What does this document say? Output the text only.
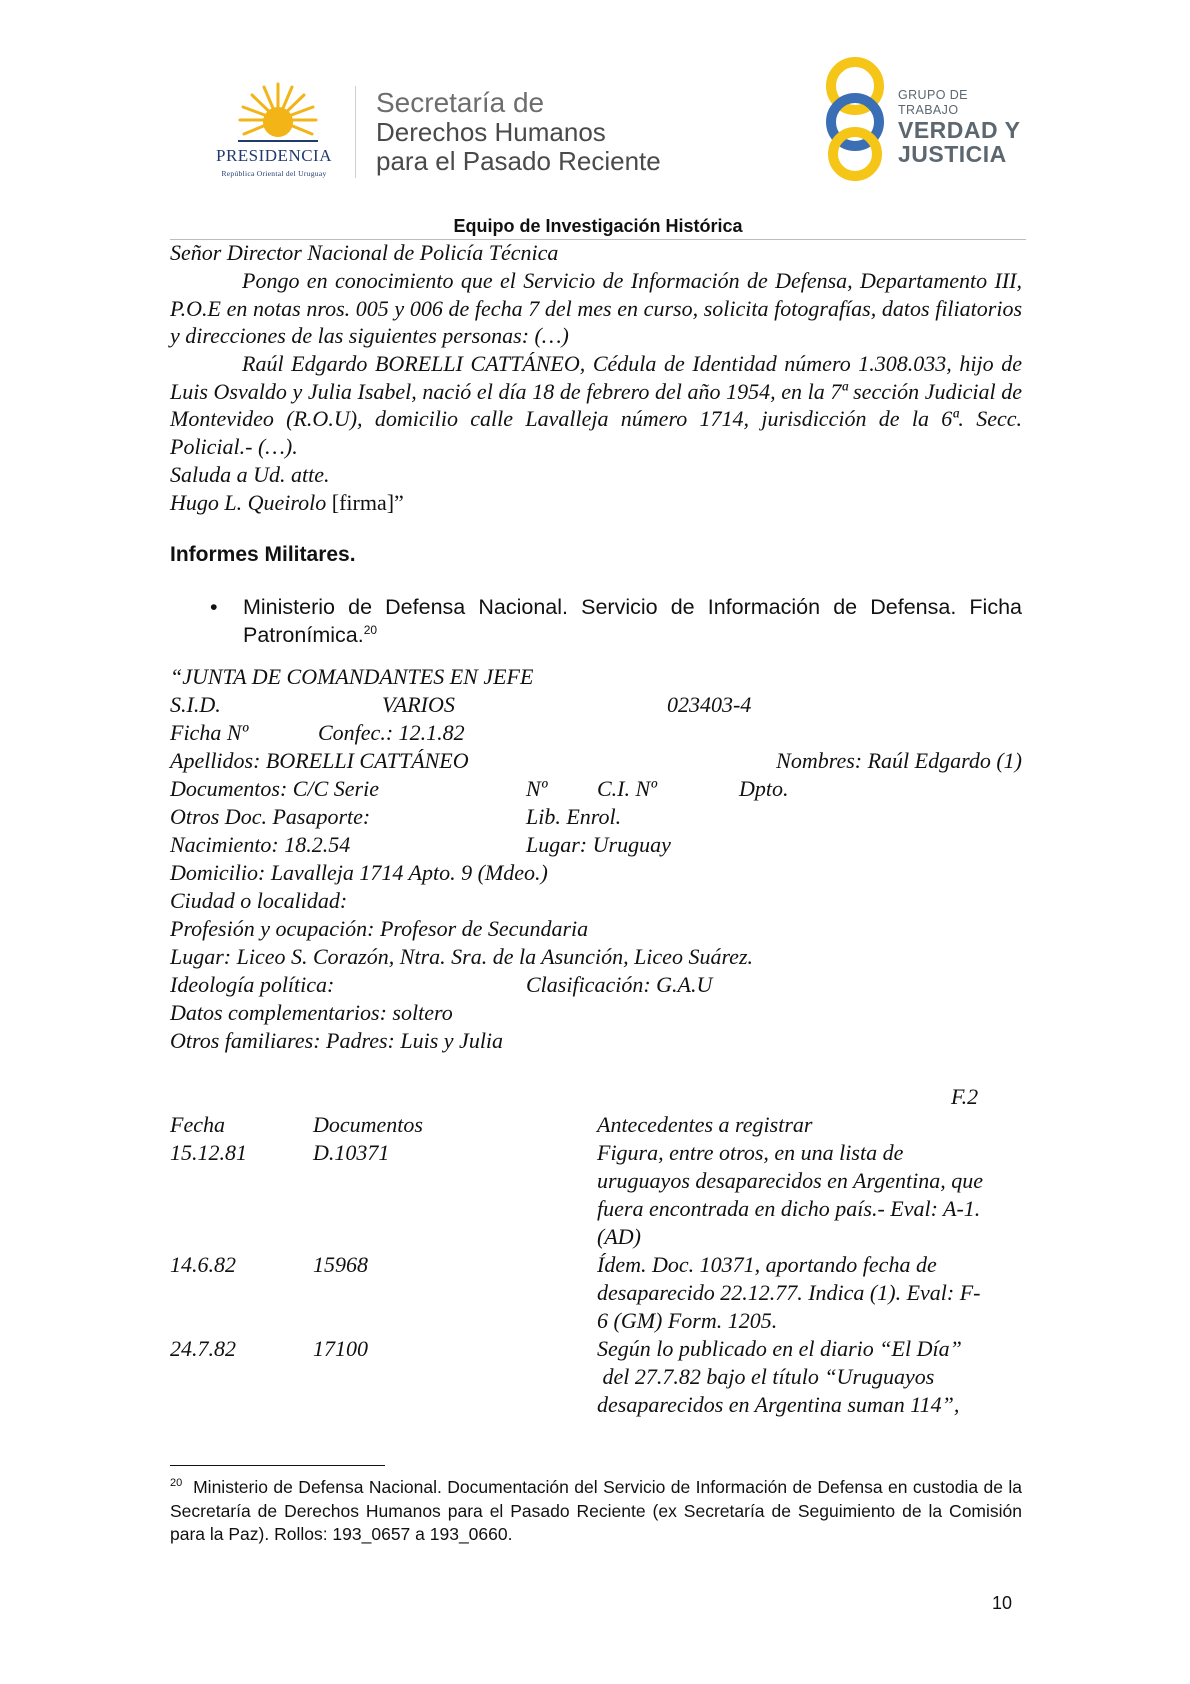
PRESIDENCIA
República Oriental del Uruguay
Secretaría de
Derechos Humanos
para el Pasado Reciente
GRUPO DE TRABAJO
VERDAD Y
JUSTICIA
Equipo de Investigación Histórica
Señor Director Nacional de Policía Técnica
Pongo en conocimiento que el Servicio de Información de Defensa, Departamento III, P.O.E en notas nros. 005 y 006 de fecha 7 del mes en curso, solicita fotografías, datos filiatorios y direcciones de las siguientes personas: (…)
Raúl Edgardo BORELLI CATTÁNEO, Cédula de Identidad número 1.308.033, hijo de Luis Osvaldo y Julia Isabel, nació el día 18 de febrero del año 1954, en la 7ª sección Judicial de Montevideo (R.O.U), domicilio calle Lavalleja número 1714, jurisdicción de la 6ª. Secc. Policial.- (…).
Saluda a Ud. atte.
Hugo L. Queirolo [firma]”
Informes Militares.
• Ministerio de Defensa Nacional. Servicio de Información de Defensa. Ficha Patronímica.$^{20}$
“JUNTA DE COMANDANTES EN JEFE
S.I.D.	VARIOS	023403-4
Ficha Nº	Confec.: 12.1.82
Apellidos: BORELLI CATTÁNEO	Nombres: Raúl Edgardo (1)
Documentos: C/C Serie	Nº C.I. Nº	Dpto.
Otros Doc. Pasaporte:	Lib. Enrol.
Nacimiento: 18.2.54	Lugar: Uruguay
Domicilio: Lavalleja 1714 Apto. 9 (Mdeo.)
Ciudad o localidad:
Profesión y ocupación: Profesor de Secundaria
Lugar: Liceo S. Corazón, Ntra. Sra. de la Asunción, Liceo Suárez.
Ideología política:	Clasificación: G.A.U
Datos complementarios: soltero
Otros familiares: Padres: Luis y Julia
F.2
Fecha	Documentos	Antecedentes a registrar
15.12.81	D.10371	Figura, entre otros, en una lista de
uruguayos desaparecidos en Argentina, que
fuera encontrada en dicho país.- Eval: A-1.
(AD)
14.6.82	15968	Ídem. Doc. 10371, aportando fecha de
desaparecido 22.12.77. Indica (1). Eval: F-
6 (GM) Form. 1205.
24.7.82	17100	Según lo publicado en el diario “El Día”
del 27.7.82 bajo el título “Uruguayos
desaparecidos en Argentina suman 114”,
$^{20}$ Ministerio de Defensa Nacional. Documentación del Servicio de Información de Defensa en custodia de la Secretaría de Derechos Humanos para el Pasado Reciente (ex Secretaría de Seguimiento de la Comisión para la Paz). Rollos: 193_0657 a 193_0660.
10
